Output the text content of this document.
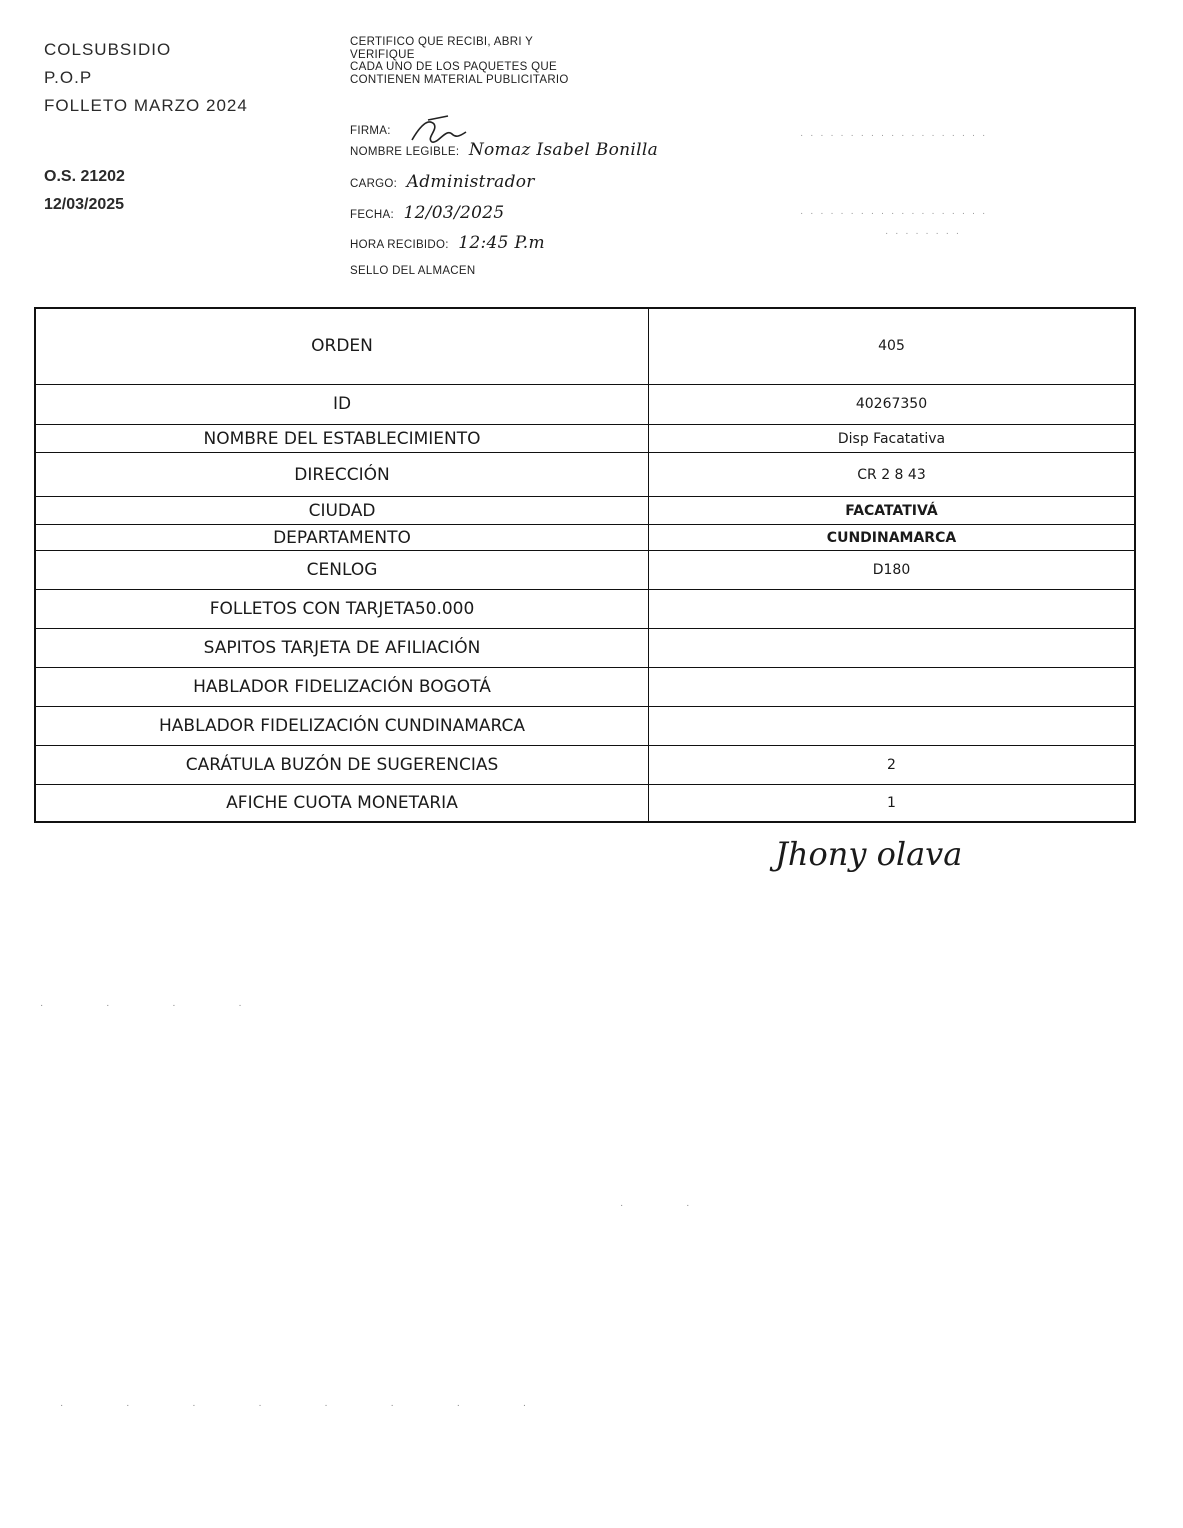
COLSUBSIDIO
P.O.P
FOLLETO MARZO 2024
O.S. 21202
12/03/2025
CERTIFICO QUE RECIBI, ABRI Y
VERIFIQUE
CADA UNO DE LOS PAQUETES QUE
CONTIENEN MATERIAL PUBLICITARIO
FIRMA:
NOMBRE LEGIBLE: Nomaz Isabel Bonilla
CARGO: Administrador
FECHA: 12/03/2025
HORA RECIBIDO: 12:45 P.m
SELLO DEL ALMACEN
· · · · · · · · · · · · · · · · · · ·
· · · · · · · · · · · · · · · · · · ·
· · · · · · · ·
ORDEN	405
ID	40267350
NOMBRE DEL ESTABLECIMIENTO	Disp Facatativa
DIRECCIÓN	CR 2 8 43
CIUDAD	FACATATIVÁ
DEPARTAMENTO	CUNDINAMARCA
CENLOG	D180
FOLLETOS CON TARJETA50.000	
SAPITOS TARJETA DE AFILIACIÓN	
HABLADOR FIDELIZACIÓN BOGOTÁ	
HABLADOR FIDELIZACIÓN CUNDINAMARCA	
CARÁTULA BUZÓN DE SUGERENCIAS	2
AFICHE CUOTA MONETARIA	1
Jhony olava
· · · ·
· ·
· · · · · · · ·
